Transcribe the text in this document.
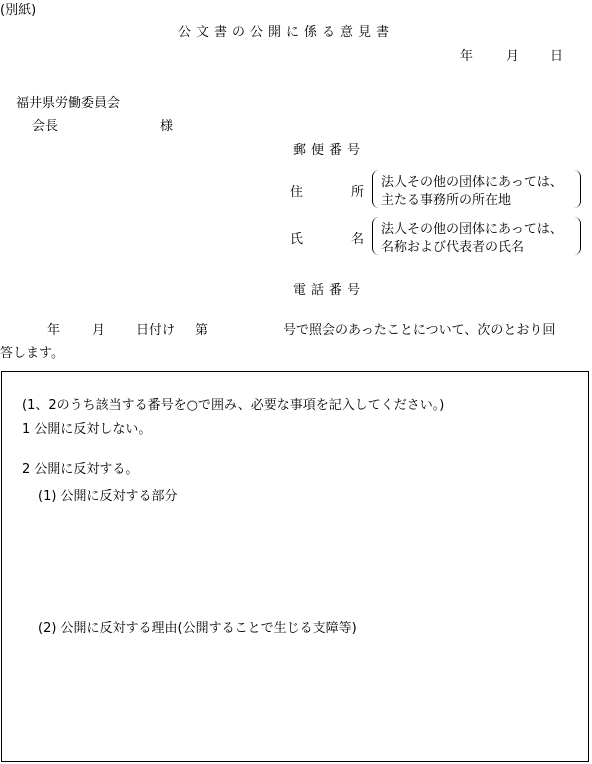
(別紙)
公文書の公開に係る意見書
年	月 日
福井県労働委員会
会長	様
郵便番号
住	所
法人その他の団体にあっては、
主たる事務所の所在地
氏	名
法人その他の団体にあっては、
名称および代表者の氏名
電話番号
年 月 日付け 第	号で照会のあったことについて、次のとおり回
答します。
(1、2のうち該当する番号を○で囲み、必要な事項を記入してください。)
1 公開に反対しない。
2 公開に反対する。
(1) 公開に反対する部分
(2) 公開に反対する理由(公開することで生じる支障等)
